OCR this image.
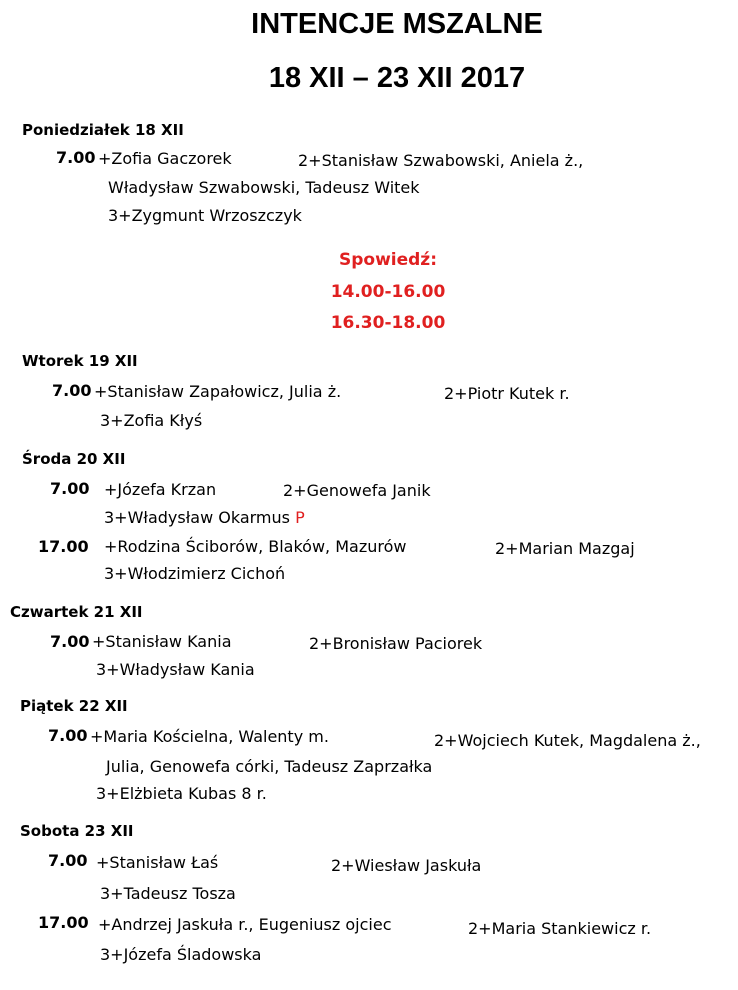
INTENCJE MSZALNE
18 XII – 23 XII 2017
Poniedziałek 18 XII
7.00 +Zofia Gaczorek	2+Stanisław Szwabowski, Aniela ż.,
Władysław Szwabowski, Tadeusz Witek
3+Zygmunt Wrzoszczyk
Spowiedź:
14.00-16.00
16.30-18.00
Wtorek 19 XII
7.00 +Stanisław Zapałowicz, Julia ż.	2+Piotr Kutek r.
3+Zofia Kłyś
Środa 20 XII
7.00 +Józefa Krzan	2+Genowefa Janik
3+Władysław Okarmus P
17.00 +Rodzina Ściborów, Blaków, Mazurów	2+Marian Mazgaj
3+Włodzimierz Cichoń
Czwartek 21 XII
7.00 +Stanisław Kania	2+Bronisław Paciorek
3+Władysław Kania
Piątek 22 XII
7.00 +Maria Kościelna, Walenty m.	2+Wojciech Kutek, Magdalena ż.,
Julia, Genowefa córki, Tadeusz Zaprzałka
3+Elżbieta Kubas 8 r.
Sobota 23 XII
7.00 +Stanisław Łaś	2+Wiesław Jaskuła
3+Tadeusz Tosza
17.00 +Andrzej Jaskuła r., Eugeniusz ojciec	2+Maria Stankiewicz r.
3+Józefa Śladowska
